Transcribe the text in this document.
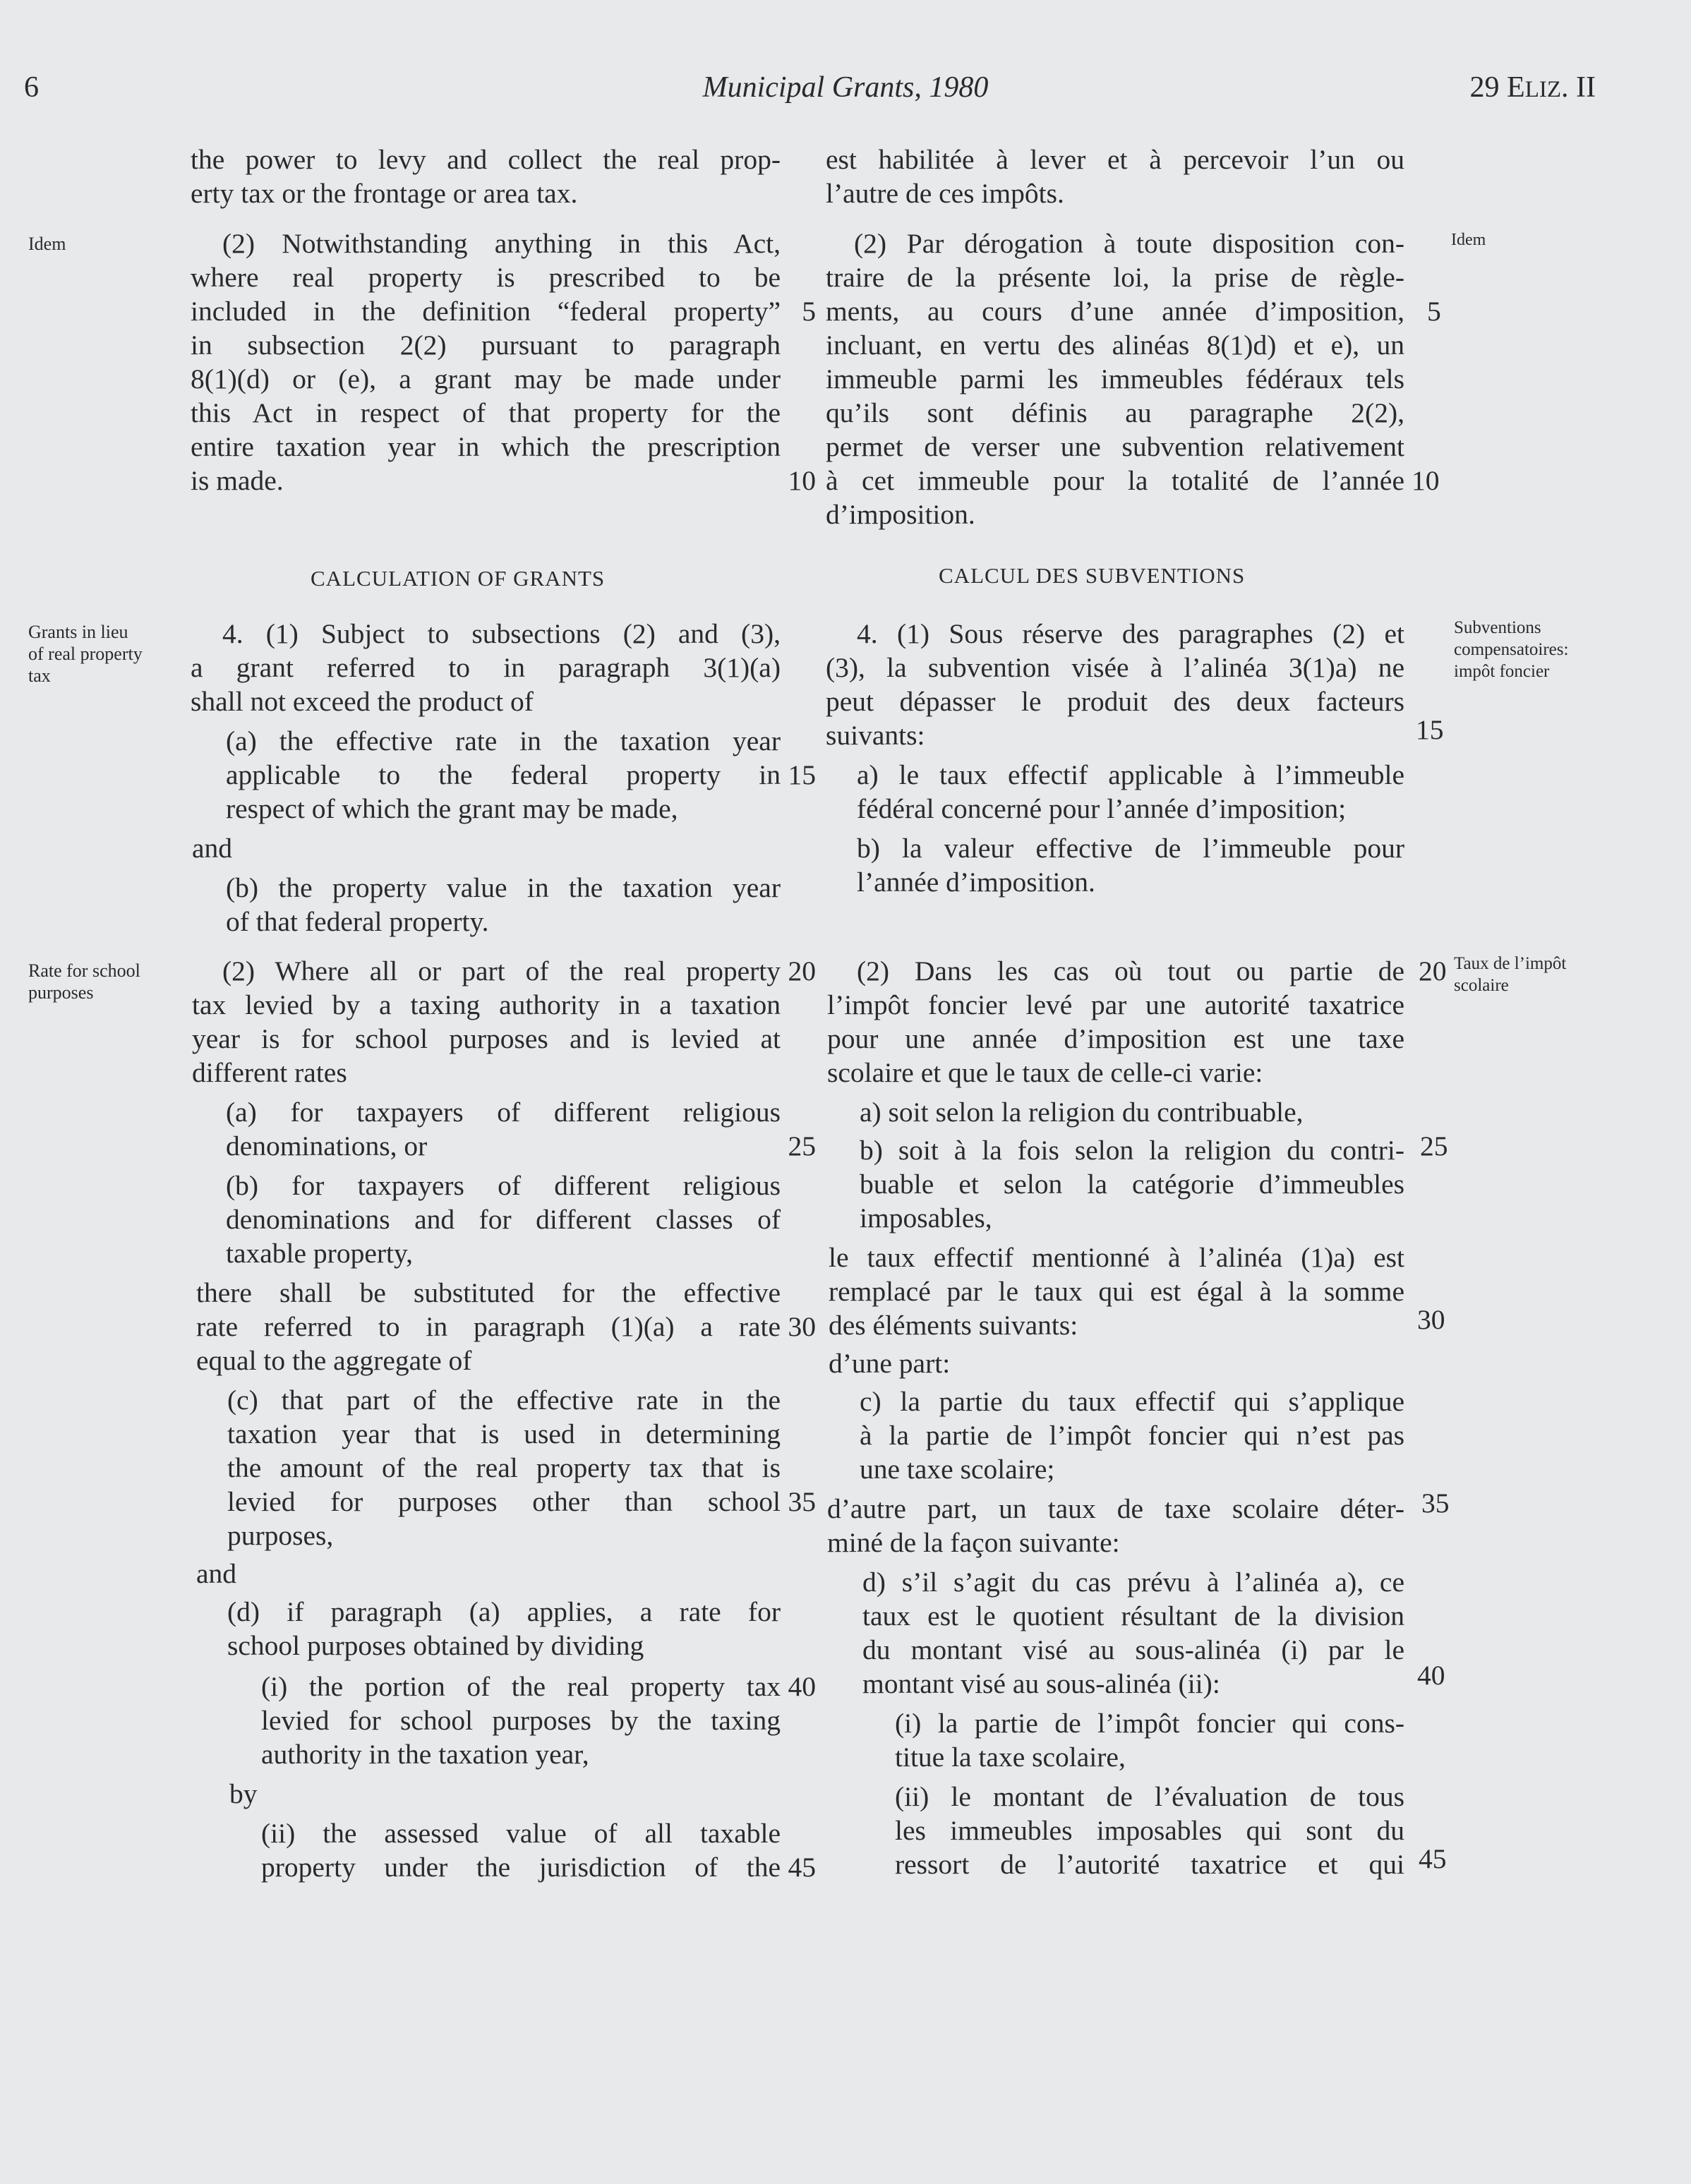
6	Municipal Grants, 1980	29 ELIZ. II
CALCULATION OF GRANTS
the power to levy and collect the real prop-
erty tax or the frontage or area tax.
(2) Notwithstanding anything in this Act,
where real property is prescribed to be
included in the definition “federal property”
in subsection 2(2) pursuant to paragraph
8(1)(d) or (e), a grant may be made under
this Act in respect of that property for the
entire taxation year in which the prescription
is made.
4. (1) Subject to subsections (2) and (3),
a grant referred to in paragraph 3(1)(a)
shall not exceed the product of
(a) the effective rate in the taxation year
applicable to the federal property in
respect of which the grant may be made,
and
(b) the property value in the taxation year
of that federal property.
(2) Where all or part of the real property
tax levied by a taxing authority in a taxation
year is for school purposes and is levied at
different rates
(a) for taxpayers of different religious
denominations, or
(b) for taxpayers of different religious
denominations and for different classes of
taxable property,
there shall be substituted for the effective
rate referred to in paragraph (1)(a) a rate
equal to the aggregate of
(c) that part of the effective rate in the
taxation year that is used in determining
the amount of the real property tax that is
levied for purposes other than school
purposes,
and
(d) if paragraph (a) applies, a rate for
school purposes obtained by dividing
(i) the portion of the real property tax
levied for school purposes by the taxing
authority in the taxation year,
by
(ii) the assessed value of all taxable
property under the jurisdiction of the
5
10
15
20
25
30
35
40
45
CALCUL DES SUBVENTIONS
est habilitée à lever et à percevoir l’un ou
l’autre de ces impôts.
(2) Par dérogation à toute disposition con-
traire de la présente loi, la prise de règle-
ments, au cours d’une année d’imposition,
incluant, en vertu des alinéas 8(1)d) et e), un
immeuble parmi les immeubles fédéraux tels
qu’ils sont définis au paragraphe 2(2),
permet de verser une subvention relativement
à cet immeuble pour la totalité de l’année
d’imposition.
4. (1) Sous réserve des paragraphes (2) et
(3), la subvention visée à l’alinéa 3(1)a) ne
peut dépasser le produit des deux facteurs
suivants:
a) le taux effectif applicable à l’immeuble
fédéral concerné pour l’année d’imposition;
b) la valeur effective de l’immeuble pour
l’année d’imposition.
(2) Dans les cas où tout ou partie de
l’impôt foncier levé par une autorité taxatrice
pour une année d’imposition est une taxe
scolaire et que le taux de celle-ci varie:
a) soit selon la religion du contribuable,
b) soit à la fois selon la religion du contri-
buable et selon la catégorie d’immeubles
imposables,
le taux effectif mentionné à l’alinéa (1)a) est
remplacé par le taux qui est égal à la somme
des éléments suivants:
d’une part:
c) la partie du taux effectif qui s’applique
à la partie de l’impôt foncier qui n’est pas
une taxe scolaire;
d’autre part, un taux de taxe scolaire déter-
miné de la façon suivante:
d) s’il s’agit du cas prévu à l’alinéa a), ce
taux est le quotient résultant de la division
du montant visé au sous-alinéa (i) par le
montant visé au sous-alinéa (ii):
(i) la partie de l’impôt foncier qui cons-
titue la taxe scolaire,
(ii) le montant de l’évaluation de tous
les immeubles imposables qui sont du
ressort de l’autorité taxatrice et qui
5
10
15
20
25
30
35
40
45
Idem
Grants in lieu
of real property
tax
Rate for school
purposes
Idem
Subventions
compensatoires:
impôt foncier
Taux de l’impôt
scolaire
